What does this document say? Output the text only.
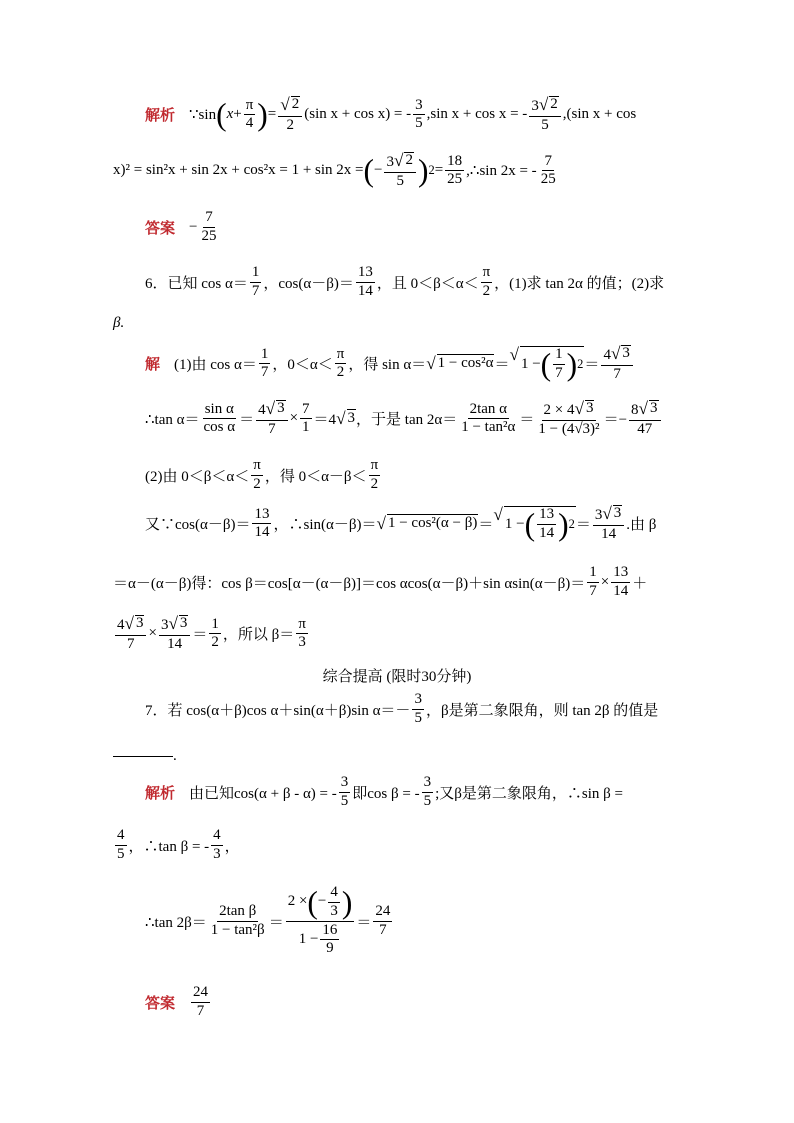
解析 ∵sin ( $x + \frac{\pi}{4}$ ) = $\frac{√ 2}{2} (\sin$ x + cos x) = - $\frac{3}{5} ,\sin$ x + cos x = - $\frac{3 √ 2}{5} ,(\sin$ x + cos
x)² = sin²x + sin 2x + cos²x = 1 + sin 2x = ( − $\frac{3 √ 2}{5}$ ) $2 = \frac{18}{25}$ ,∴sin 2x = - $\frac{7}{25}$
答案 − $\frac{7}{25}$
6．已知 $\cos \alpha= \frac{1}{7}$ ，$\cos(\alpha-\beta)= \frac{13}{14}$ ，且 $0<\beta<\alpha< \frac{\pi}{2}$ ，(1)求 tan 2α 的值；(2)求
β.
解 (1)由 $\cos \alpha= \frac{1}{7}$ ，$0<\alpha< \frac{\pi}{2}$ ，得 sin α＝ √ 1 − cos²α ＝
√ 1 − ( $\frac{1}{7}$ ) $2 = \frac{4 √ 3}{7}$
∴tan $\alpha= \frac{\text{sin α}}{\text{cos α}} = \frac{4 √ 3}{7} \times \frac{7}{1} =4$ √ 3 ，于是 $\tan 2\alpha= \frac{\text{2tan α}}{\text{1 − tan²α}} = \frac{2 \times 4 √ 3}{\text{1 − (4√3)²}} =- \frac{8 √ 3}{47}$
(2)由 $0<\beta<\alpha< \frac{\pi}{2}$ ，得 $0<\alpha-\beta< \frac{\pi}{2}$
又∵cos(α－β)＝ $\frac{13}{14}$ ，∴sin(α－β)＝ √ 1 − cos²(α − β) ＝
√ 1 − ( $\frac{13}{14}$ ) $2 = \frac{3 √ 3}{14}$ .由 β
＝α－(α－β)得：cos β＝cos[α－(α－β)]＝cos αcos(α－β)＋sin $\alpha\sin(\alpha-\beta)= \frac{1}{7} \times \frac{13}{14}$ ＋
$\frac{4 √ 3}{7} \times \frac{3 √ 3}{14} = \frac{1}{2}$ ，所以 $\beta= \frac{\pi}{3}$
综合提高 (限时30分钟)
7．若 cos(α＋β)cos α＋sin(α＋β)sin $\alpha=- \frac{3}{5}$ ，β是第二象限角，则 tan 2β 的值是
.
解析 由已知cos(α + β - α) = - $\frac{3}{5}$ 即cos β = - $\frac{3}{5}$ ;又β是第二象限角，∴sin β =
$\frac{4}{5}$ ，∴tan β = - $\frac{4}{3}$ ，
∴tan $2\beta= \frac{\text{2tan β}}{\text{1 − tan²β}} = \frac{2 \times ( - \frac{4}{3} )}{1 - \frac{16}{9}} = \frac{24}{7}$
答案 $\frac{24}{7}$
